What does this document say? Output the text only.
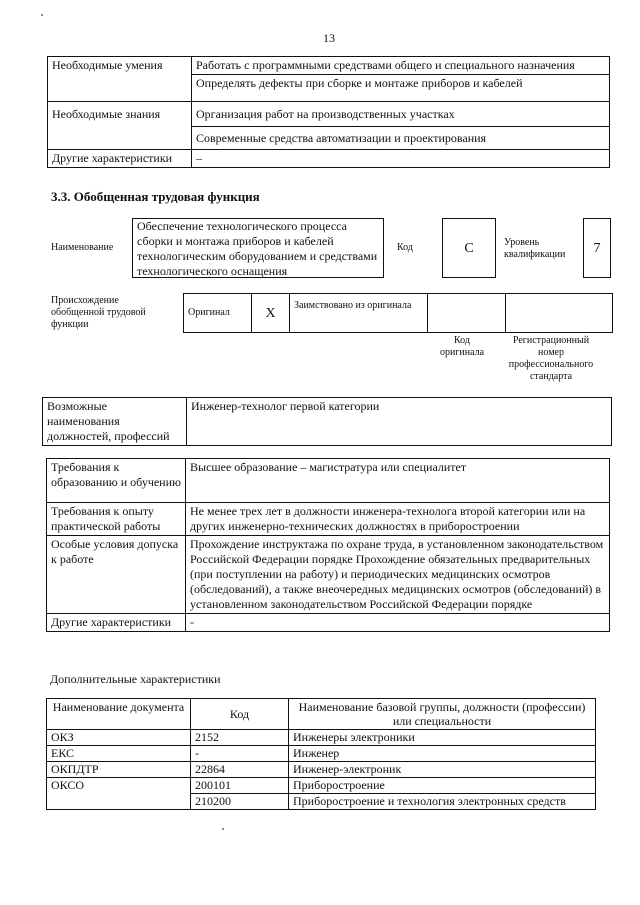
13
Необходимые умения	Работать с программными средствами общего и специального назначения
	Определять дефекты при сборке и монтаже приборов и кабелей
Необходимые знания	Организация работ на производственных участках
	Современные средства автоматизации и проектирования
Другие характеристики	–
3.3. Обобщенная трудовая функция
Наименование
Обеспечение технологического процесса сборки и монтажа приборов и кабелей технологическим оборудованием и средствами технологического оснащения
Код	C	Уровень квалификации	7
Происхождение обобщенной трудовой функции
Оригинал	X	Заимствовано из оригинала		
Код оригинала
Регистрационный номер профессионального стандарта
Возможные наименования должностей, профессий	Инженер-технолог первой категории
Требования к образованию и обучению	Высшее образование – магистратура или специалитет
Требования к опыту практической работы	Не менее трех лет в должности инженера-технолога второй категории или на других инженерно-технических должностях в приборостроении
Особые условия допуска к работе	Прохождение инструктажа по охране труда, в установленном законодательством Российской Федерации порядке Прохождение обязательных предварительных (при поступлении на работу) и периодических медицинских осмотров (обследований), а также внеочередных медицинских осмотров (обследований) в установленном законодательством Российской Федерации порядке
Другие характеристики	-
Дополнительные характеристики
Наименование документа	Код	Наименование базовой группы, должности (профессии) или специальности
ОКЗ	2152	Инженеры электроники
ЕКС	-	Инженер
ОКПДТР	22864	Инженер-электроник
ОКСО	200101	Приборостроение
	210200	Приборостроение и технология электронных средств
